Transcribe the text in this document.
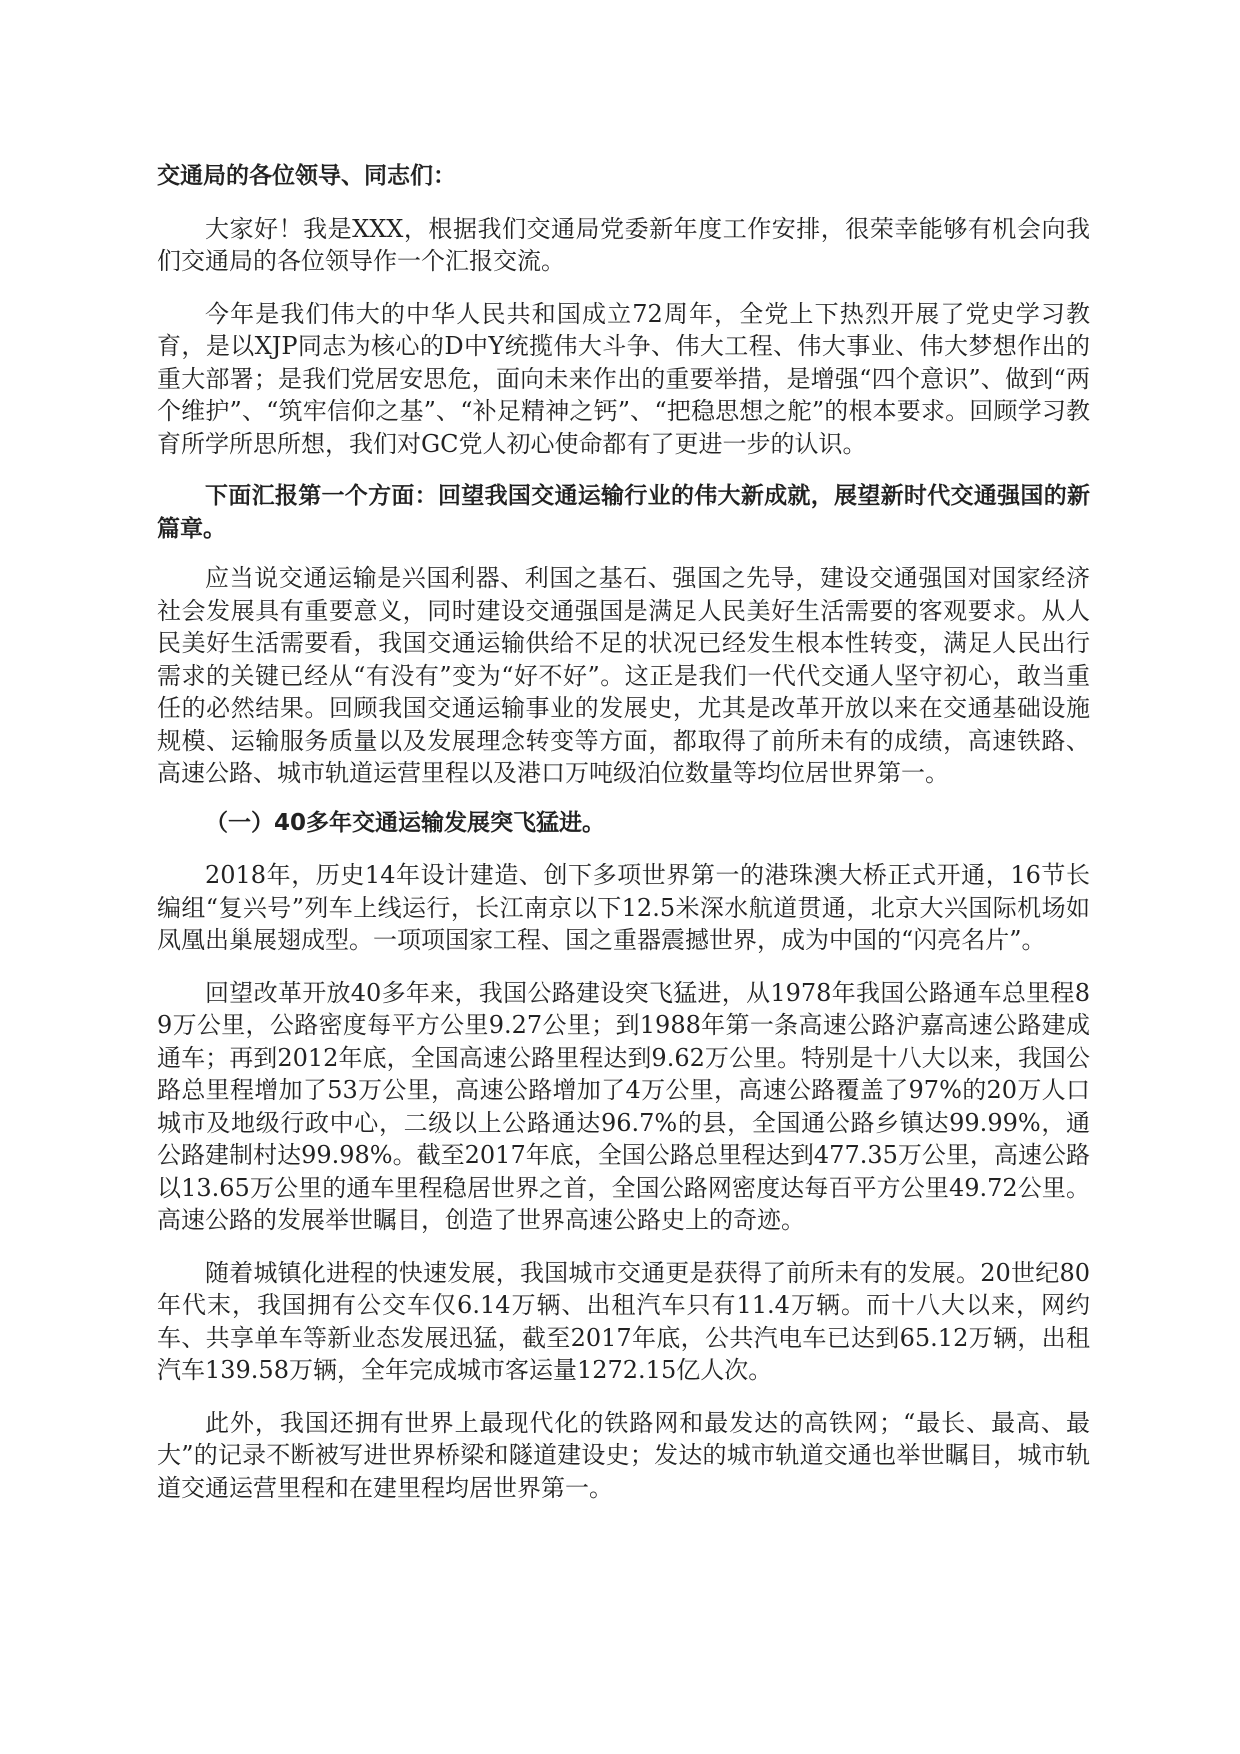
交通局的各位领导、同志们：

大家好！我是XXX，根据我们交通局党委新年度工作安排，很荣幸能够有机会向我们交通局的各位领导作一个汇报交流。

今年是我们伟大的中华人民共和国成立72周年，全党上下热烈开展了党史学习教育，是以XJP同志为核心的D中Y统揽伟大斗争、伟大工程、伟大事业、伟大梦想作出的重大部署；是我们党居安思危，面向未来作出的重要举措，是增强“四个意识”、做到“两个维护”、“筑牢信仰之基”、“补足精神之钙”、“把稳思想之舵”的根本要求。回顾学习教育所学所思所想，我们对GC党人初心使命都有了更进一步的认识。

下面汇报第一个方面：回望我国交通运输行业的伟大新成就，展望新时代交通强国的新篇章。

应当说交通运输是兴国利器、利国之基石、强国之先导，建设交通强国对国家经济社会发展具有重要意义，同时建设交通强国是满足人民美好生活需要的客观要求。从人民美好生活需要看，我国交通运输供给不足的状况已经发生根本性转变，满足人民出行需求的关键已经从“有没有”变为“好不好”。这正是我们一代代交通人坚守初心，敢当重任的必然结果。回顾我国交通运输事业的发展史，尤其是改革开放以来在交通基础设施规模、运输服务质量以及发展理念转变等方面，都取得了前所未有的成绩，高速铁路、高速公路、城市轨道运营里程以及港口万吨级泊位数量等均位居世界第一。

（一）40多年交通运输发展突飞猛进。

2018年，历史14年设计建造、创下多项世界第一的港珠澳大桥正式开通，16节长编组“复兴号”列车上线运行，长江南京以下12.5米深水航道贯通，北京大兴国际机场如凤凰出巢展翅成型。一项项国家工程、国之重器震撼世界，成为中国的“闪亮名片”。

回望改革开放40多年来，我国公路建设突飞猛进，从1978年我国公路通车总里程89万公里，公路密度每平方公里9.27公里；到1988年第一条高速公路沪嘉高速公路建成通车；再到2012年底，全国高速公路里程达到9.62万公里。特别是十八大以来，我国公路总里程增加了53万公里，高速公路增加了4万公里，高速公路覆盖了97%的20万人口城市及地级行政中心，二级以上公路通达96.7%的县，全国通公路乡镇达99.99%，通公路建制村达99.98%。截至2017年底，全国公路总里程达到477.35万公里，高速公路以13.65万公里的通车里程稳居世界之首，全国公路网密度达每百平方公里49.72公里。高速公路的发展举世瞩目，创造了世界高速公路史上的奇迹。

随着城镇化进程的快速发展，我国城市交通更是获得了前所未有的发展。20世纪80年代末，我国拥有公交车仅6.14万辆、出租汽车只有11.4万辆。而十八大以来，网约车、共享单车等新业态发展迅猛，截至2017年底，公共汽电车已达到65.12万辆，出租汽车139.58万辆，全年完成城市客运量1272.15亿人次。

此外，我国还拥有世界上最现代化的铁路网和最发达的高铁网；“最长、最高、最大”的记录不断被写进世界桥梁和隧道建设史；发达的城市轨道交通也举世瞩目，城市轨道交通运营里程和在建里程均居世界第一。
